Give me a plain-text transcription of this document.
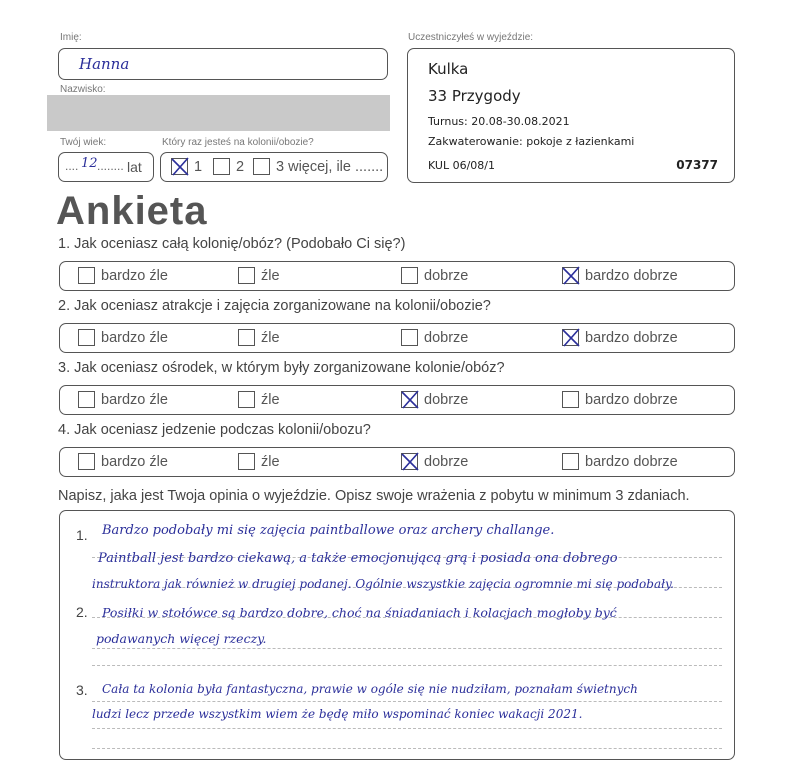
Imię:
Hanna
Nazwisko:
Twój wiek:
.... 12 ........ lat
Który raz jesteś na kolonii/obozie?
1 2 3 więcej, ile .......
Uczestniczyłeś w wyjeździe:
Kulka
33 Przygody
Turnus: 20.08-30.08.2021
Zakwaterowanie: pokoje z łazienkami
KUL 06/08/1	07377
Ankieta
1. Jak oceniasz całą kolonię/obóz? (Podobało Ci się?)
bardzo źle	źle	dobrze	bardzo dobrze
2. Jak oceniasz atrakcje i zajęcia zorganizowane na kolonii/obozie?
bardzo źle	źle	dobrze	bardzo dobrze
3. Jak oceniasz ośrodek, w którym były zorganizowane kolonie/obóz?
bardzo źle	źle	dobrze	bardzo dobrze
4. Jak oceniasz jedzenie podczas kolonii/obozu?
bardzo źle	źle	dobrze	bardzo dobrze
Napisz, jaka jest Twoja opinia o wyjeździe. Opisz swoje wrażenia z pobytu w minimum 3 zdaniach.
1.
2.
3.
Bardzo podobały mi się zajęcia paintballowe oraz archery challange.
Paintball jest bardzo ciekawą, a także emocjonującą grą i posiada ona dobrego
instruktora jak również w drugiej podanej. Ogólnie wszystkie zajęcia ogromnie mi się podobały.
Posiłki w stołówce są bardzo dobre, choć na śniadaniach i kolacjach mogłoby być
podawanych więcej rzeczy.
Cała ta kolonia była fantastyczna, prawie w ogóle się nie nudziłam, poznałam świetnych
ludzi lecz przede wszystkim wiem że będę miło wspominać koniec wakacji 2021.
